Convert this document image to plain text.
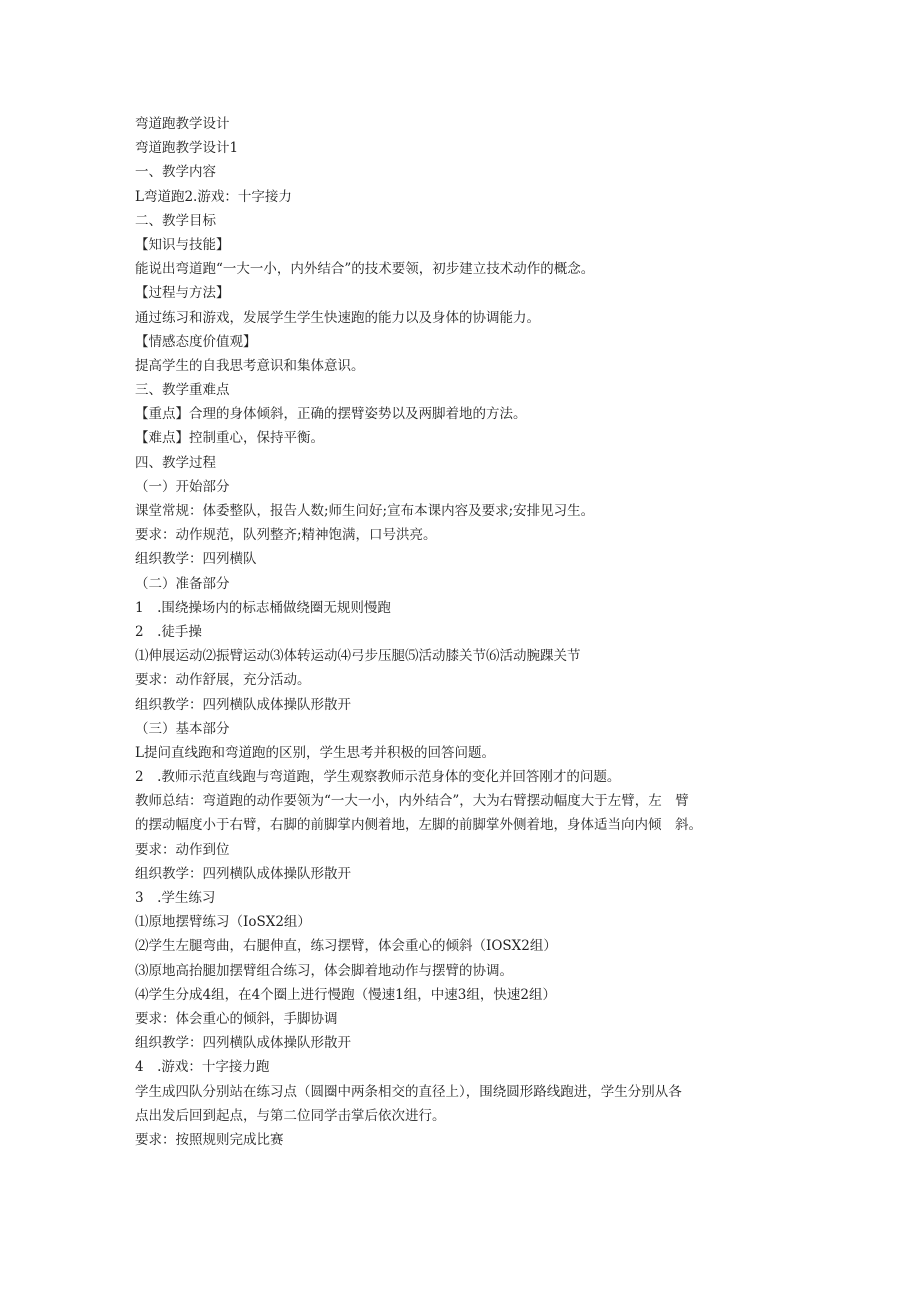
弯道跑教学设计
弯道跑教学设计1
一、教学内容
L弯道跑2.游戏：十字接力
二、教学目标
【知识与技能】
能说出弯道跑“一大一小，内外结合”的技术要领，初步建立技术动作的概念。
【过程与方法】
通过练习和游戏，发展学生学生快速跑的能力以及身体的协调能力。
【情感态度价值观】
提高学生的自我思考意识和集体意识。
三、教学重难点
【重点】合理的身体倾斜，正确的摆臂姿势以及两脚着地的方法。
【难点】控制重心，保持平衡。
四、教学过程
（一）开始部分
课堂常规：体委整队，报告人数;师生问好;宣布本课内容及要求;安排见习生。
要求：动作规范，队列整齐;精神饱满，口号洪亮。
组织教学：四列横队
（二）准备部分
1　.围绕操场内的标志桶做绕圈无规则慢跑
2　.徒手操
⑴伸展运动⑵振臂运动⑶体转运动⑷弓步压腿⑸活动膝关节⑹活动腕踝关节
要求：动作舒展，充分活动。
组织教学：四列横队成体操队形散开
（三）基本部分
L提问直线跑和弯道跑的区别，学生思考并积极的回答问题。
2　.教师示范直线跑与弯道跑，学生观察教师示范身体的变化并回答刚才的问题。
教师总结：弯道跑的动作要领为“一大一小，内外结合”，大为右臂摆动幅度大于左臂，左　臂
的摆动幅度小于右臂，右脚的前脚掌内侧着地，左脚的前脚掌外侧着地，身体适当向内倾　斜。
要求：动作到位
组织教学：四列横队成体操队形散开
3　.学生练习
⑴原地摆臂练习（IoSX2组）
⑵学生左腿弯曲，右腿伸直，练习摆臂，体会重心的倾斜（IOSX2组）
⑶原地高抬腿加摆臂组合练习，体会脚着地动作与摆臂的协调。
⑷学生分成4组，在4个圈上进行慢跑（慢速1组，中速3组，快速2组）
要求：体会重心的倾斜，手脚协调
组织教学：四列横队成体操队形散开
4　.游戏：十字接力跑
学生成四队分别站在练习点（圆圈中两条相交的直径上），围绕圆形路线跑进，学生分别从各
点出发后回到起点，与第二位同学击掌后依次进行。
要求：按照规则完成比赛
